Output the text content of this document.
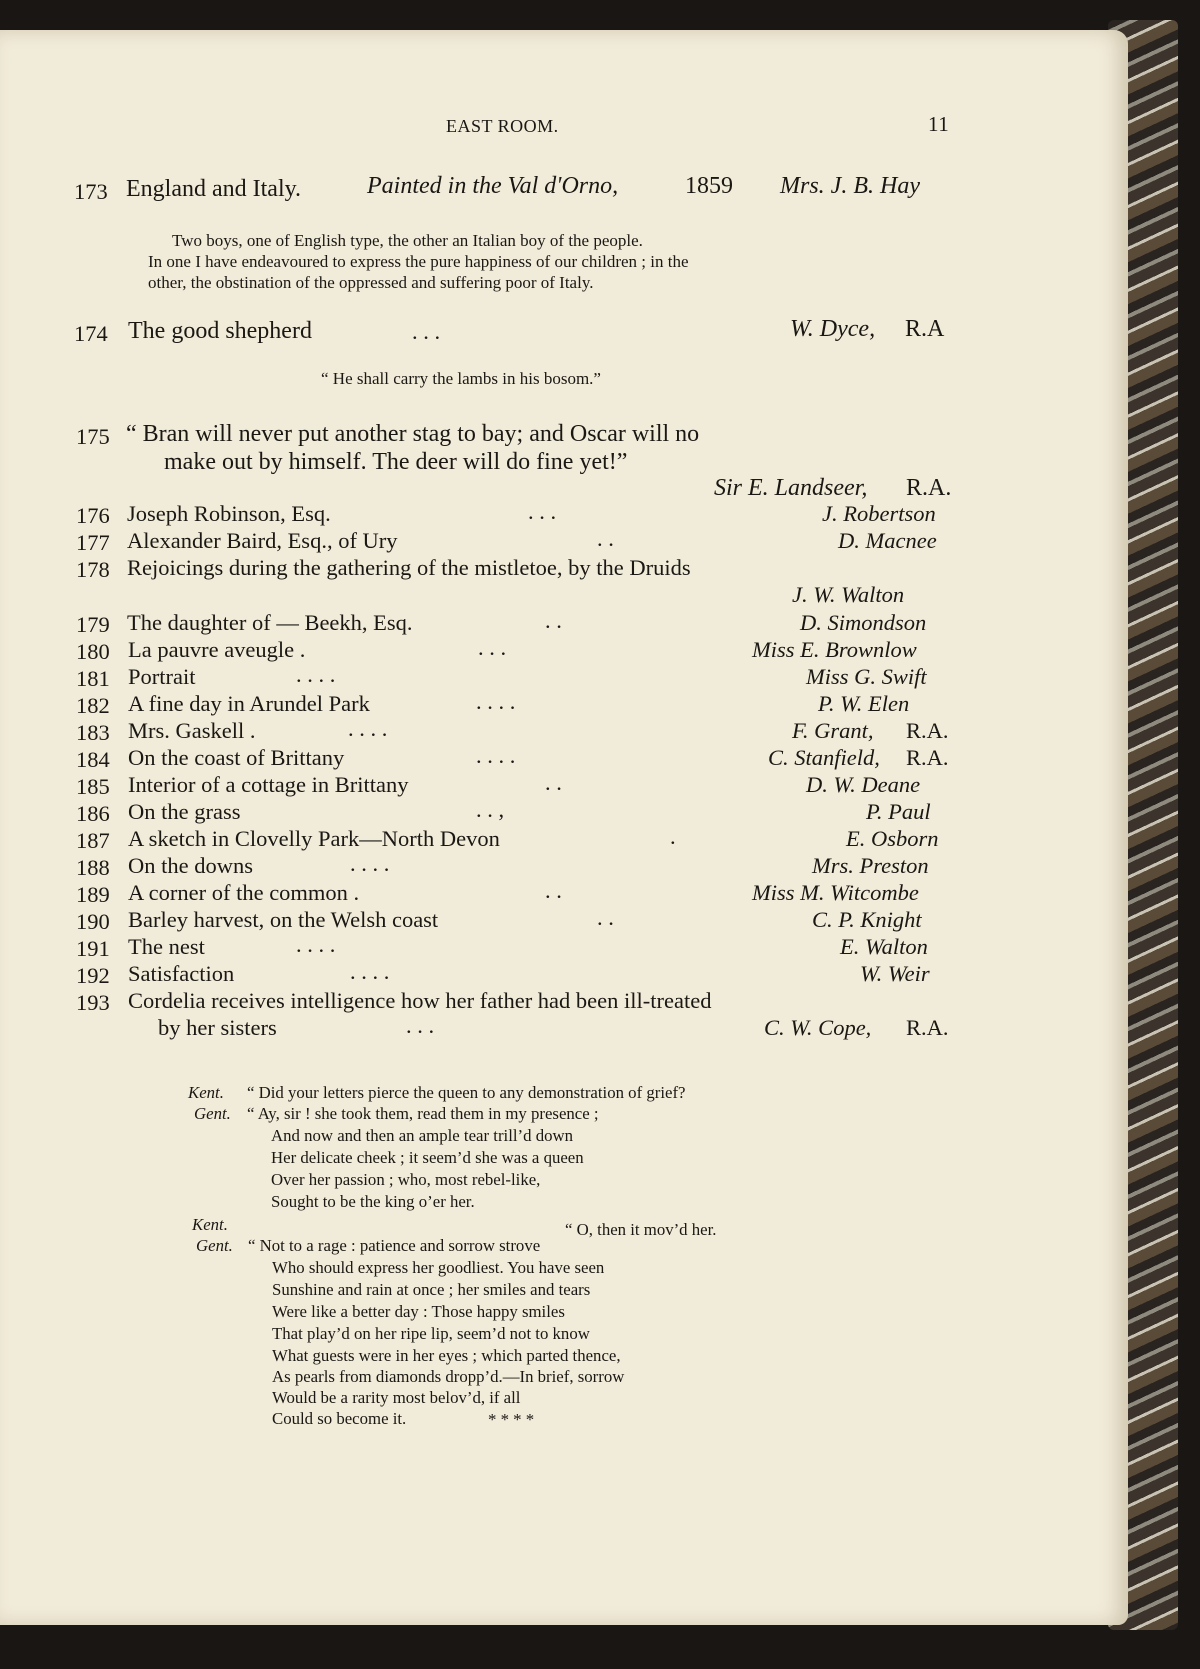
EAST ROOM.	11
173 England and Italy.	Painted in the Val d'Orno,	1859 Mrs. J. B. Hay
Two boys, one of English type, the other an Italian boy of the people.
In one I have endeavoured to express the pure happiness of our children ; in the
other, the obstination of the oppressed and suffering poor of Italy.
174 The good shepherd	. . .	W. Dyce, R.A
“ He shall carry the lambs in his bosom.”
175 “ Bran will never put another stag to bay; and Oscar will no
make out by himself. The deer will do fine yet!”
Sir E. Landseer, R.A.
176 Joseph Robinson, Esq.	. . .	J. Robertson
177 Alexander Baird, Esq., of Ury	. .	D. Macnee
178 Rejoicings during the gathering of the mistletoe, by the Druids
J. W. Walton
179 The daughter of — Beekh, Esq.	. .	D. Simondson
180 La pauvre aveugle .	. . .	Miss E. Brownlow
181 Portrait	. . . .	Miss G. Swift
182 A fine day in Arundel Park	. . . .	P. W. Elen
183 Mrs. Gaskell .	. . . .	F. Grant, R.A.
184 On the coast of Brittany	. . . .	C. Stanfield, R.A.
185 Interior of a cottage in Brittany	. .	D. W. Deane
186 On the grass	. . ,	P. Paul
187 A sketch in Clovelly Park—North Devon	.	E. Osborn
188 On the downs	. . . .	Mrs. Preston
189 A corner of the common .	. .	Miss M. Witcombe
190 Barley harvest, on the Welsh coast	. .	C. P. Knight
191 The nest	. . . .	E. Walton
192 Satisfaction	. . . .	W. Weir
193 Cordelia receives intelligence how her father had been ill-treated
by her sisters	. . .	C. W. Cope, R.A.
Kent. “ Did your letters pierce the queen to any demonstration of grief?
Gent. “ Ay, sir ! she took them, read them in my presence ;
And now and then an ample tear trill’d down
Her delicate cheek ; it seem’d she was a queen
Over her passion ; who, most rebel-like,
Sought to be the king o’er her.
Kent.	“ O, then it mov’d her.
Gent. “ Not to a rage : patience and sorrow strove
Who should express her goodliest. You have seen
Sunshine and rain at once ; her smiles and tears
Were like a better day : Those happy smiles
That play’d on her ripe lip, seem’d not to know
What guests were in her eyes ; which parted thence,
As pearls from diamonds dropp’d.—In brief, sorrow
Would be a rarity most belov’d, if all
Could so become it.	* * * *
